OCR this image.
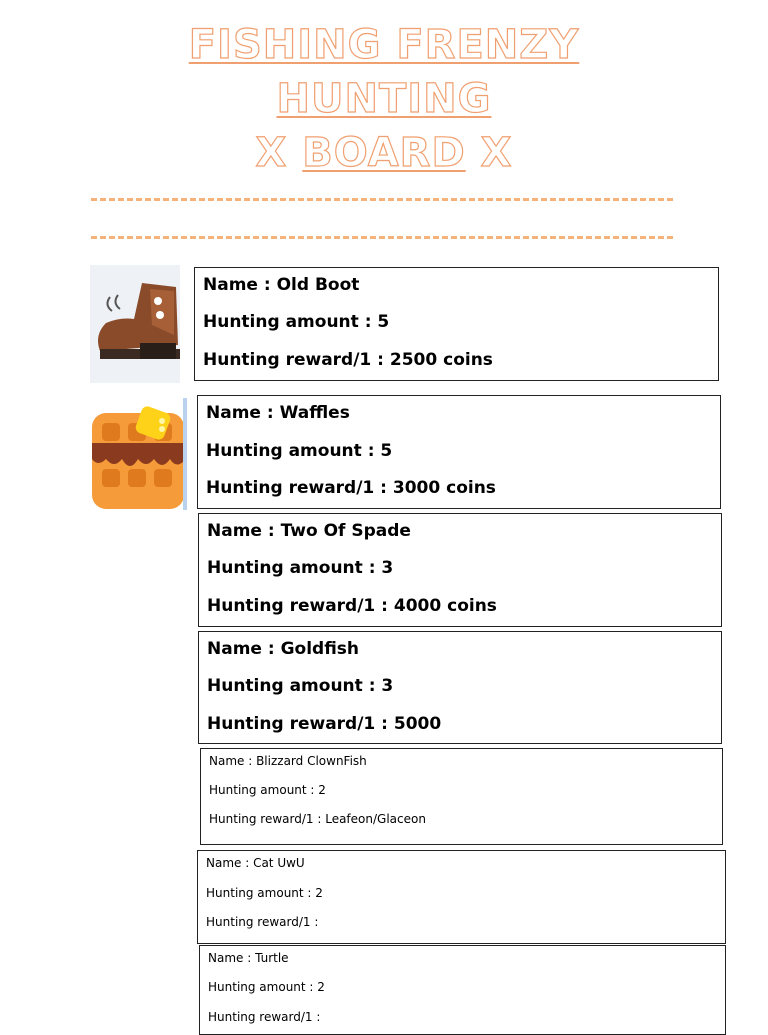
FISHING FRENZY
HUNTING
X BOARD X
Name : Old Boot
Hunting amount : 5
Hunting reward/1 : 2500 coins
Name : Waffles
Hunting amount : 5
Hunting reward/1 : 3000 coins
Name : Two Of Spade
Hunting amount : 3
Hunting reward/1 : 4000 coins
Name : Goldfish
Hunting amount : 3
Hunting reward/1 : 5000
Name : Blizzard ClownFish
Hunting amount : 2
Hunting reward/1 : Leafeon/Glaceon
Name : Cat UwU
Hunting amount : 2
Hunting reward/1 :
Name : Turtle
Hunting amount : 2
Hunting reward/1 :
